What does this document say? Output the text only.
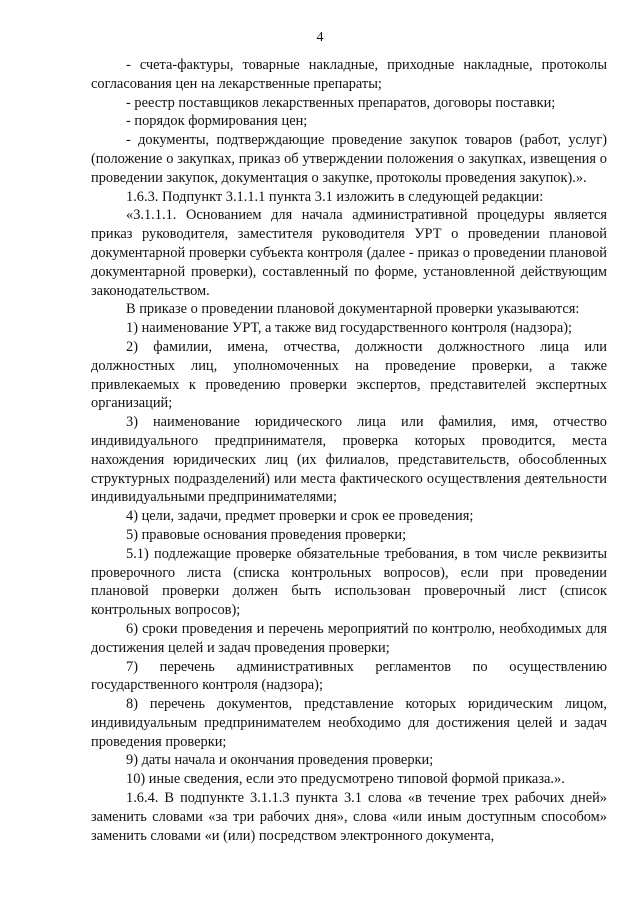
4

- счета-фактуры, товарные накладные, приходные накладные, протоколы согласования цен на лекарственные препараты;

- реестр поставщиков лекарственных препаратов, договоры поставки;

- порядок формирования цен;

- документы, подтверждающие проведение закупок товаров (работ, услуг) (положение о закупках, приказ об утверждении положения о закупках, извещения о проведении закупок, документация о закупке, протоколы проведения закупок).».

1.6.3. Подпункт 3.1.1.1 пункта 3.1 изложить в следующей редакции:

«3.1.1.1. Основанием для начала административной процедуры является приказ руководителя, заместителя руководителя УРТ о проведении плановой документарной проверки субъекта контроля (далее - приказ о проведении плановой документарной проверки), составленный по форме, установленной действующим законодательством.

В приказе о проведении плановой документарной проверки указываются:

1) наименование УРТ, а также вид государственного контроля (надзора);

2) фамилии, имена, отчества, должности должностного лица или должностных лиц, уполномоченных на проведение проверки, а также привлекаемых к проведению проверки экспертов, представителей экспертных организаций;

3) наименование юридического лица или фамилия, имя, отчество индивидуального предпринимателя, проверка которых проводится, места нахождения юридических лиц (их филиалов, представительств, обособленных структурных подразделений) или места фактического осуществления деятельности индивидуальными предпринимателями;

4) цели, задачи, предмет проверки и срок ее проведения;

5) правовые основания проведения проверки;

5.1) подлежащие проверке обязательные требования, в том числе реквизиты проверочного листа (списка контрольных вопросов), если при проведении плановой проверки должен быть использован проверочный лист (список контрольных вопросов);

6) сроки проведения и перечень мероприятий по контролю, необходимых для достижения целей и задач проведения проверки;

7) перечень административных регламентов по осуществлению государственного контроля (надзора);

8) перечень документов, представление которых юридическим лицом, индивидуальным предпринимателем необходимо для достижения целей и задач проведения проверки;

9) даты начала и окончания проведения проверки;

10) иные сведения, если это предусмотрено типовой формой приказа.».

1.6.4. В подпункте 3.1.1.3 пункта 3.1 слова «в течение трех рабочих дней» заменить словами «за три рабочих дня», слова «или иным доступным способом» заменить словами «и (или) посредством электронного документа,
